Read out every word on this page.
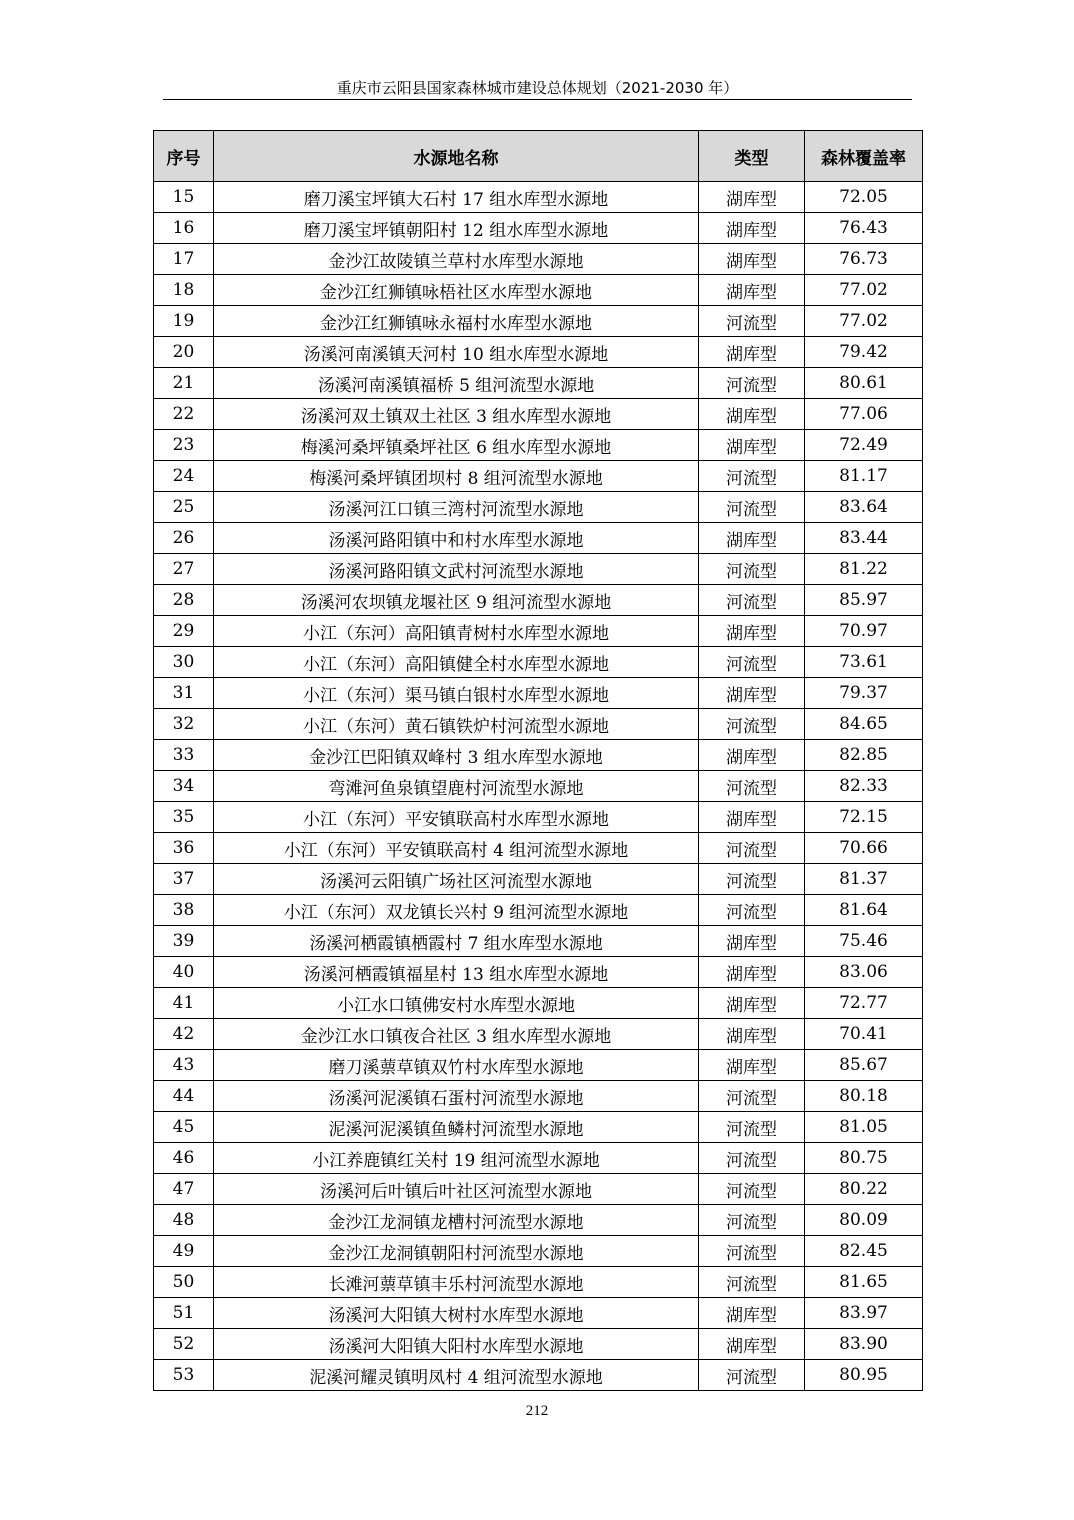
重庆市云阳县国家森林城市建设总体规划（2021-2030 年）
序号	水源地名称	类型	森林覆盖率
15	磨刀溪宝坪镇大石村 17 组水库型水源地	湖库型	72.05
16	磨刀溪宝坪镇朝阳村 12 组水库型水源地	湖库型	76.43
17	金沙江故陵镇兰草村水库型水源地	湖库型	76.73
18	金沙江红狮镇咏梧社区水库型水源地	湖库型	77.02
19	金沙江红狮镇咏永福村水库型水源地	河流型	77.02
20	汤溪河南溪镇天河村 10 组水库型水源地	湖库型	79.42
21	汤溪河南溪镇福桥 5 组河流型水源地	河流型	80.61
22	汤溪河双土镇双土社区 3 组水库型水源地	湖库型	77.06
23	梅溪河桑坪镇桑坪社区 6 组水库型水源地	湖库型	72.49
24	梅溪河桑坪镇团坝村 8 组河流型水源地	河流型	81.17
25	汤溪河江口镇三湾村河流型水源地	河流型	83.64
26	汤溪河路阳镇中和村水库型水源地	湖库型	83.44
27	汤溪河路阳镇文武村河流型水源地	河流型	81.22
28	汤溪河农坝镇龙堰社区 9 组河流型水源地	河流型	85.97
29	小江（东河）高阳镇青树村水库型水源地	湖库型	70.97
30	小江（东河）高阳镇健全村水库型水源地	河流型	73.61
31	小江（东河）渠马镇白银村水库型水源地	湖库型	79.37
32	小江（东河）黄石镇铁炉村河流型水源地	河流型	84.65
33	金沙江巴阳镇双峰村 3 组水库型水源地	湖库型	82.85
34	弯滩河鱼泉镇望鹿村河流型水源地	河流型	82.33
35	小江（东河）平安镇联高村水库型水源地	湖库型	72.15
36	小江（东河）平安镇联高村 4 组河流型水源地	河流型	70.66
37	汤溪河云阳镇广场社区河流型水源地	河流型	81.37
38	小江（东河）双龙镇长兴村 9 组河流型水源地	河流型	81.64
39	汤溪河栖霞镇栖霞村 7 组水库型水源地	湖库型	75.46
40	汤溪河栖霞镇福星村 13 组水库型水源地	湖库型	83.06
41	小江水口镇佛安村水库型水源地	湖库型	72.77
42	金沙江水口镇夜合社区 3 组水库型水源地	湖库型	70.41
43	磨刀溪蔈草镇双竹村水库型水源地	湖库型	85.67
44	汤溪河泥溪镇石蛋村河流型水源地	河流型	80.18
45	泥溪河泥溪镇鱼鳞村河流型水源地	河流型	81.05
46	小江养鹿镇红关村 19 组河流型水源地	河流型	80.75
47	汤溪河后叶镇后叶社区河流型水源地	河流型	80.22
48	金沙江龙洞镇龙槽村河流型水源地	河流型	80.09
49	金沙江龙洞镇朝阳村河流型水源地	河流型	82.45
50	长滩河蔈草镇丰乐村河流型水源地	河流型	81.65
51	汤溪河大阳镇大树村水库型水源地	湖库型	83.97
52	汤溪河大阳镇大阳村水库型水源地	湖库型	83.90
53	泥溪河耀灵镇明凤村 4 组河流型水源地	河流型	80.95
212
